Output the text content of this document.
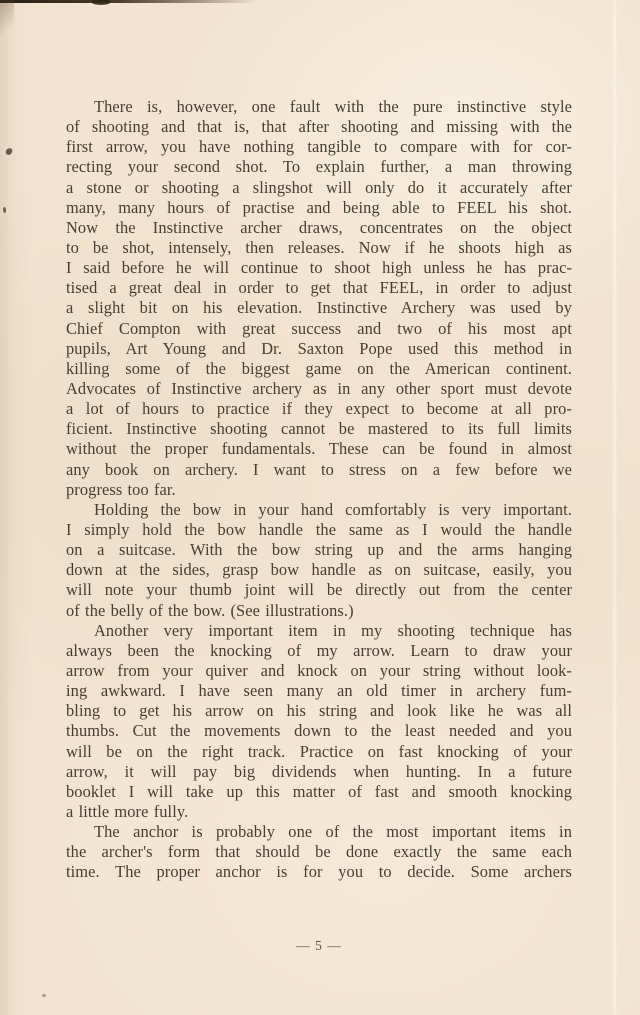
There is, however, one fault with the pure instinctive style
of shooting and that is, that after shooting and missing with the
first arrow, you have nothing tangible to compare with for cor-
recting your second shot. To explain further, a man throwing
a stone or shooting a slingshot will only do it accurately after
many, many hours of practise and being able to FEEL his shot.
Now the Instinctive archer draws, concentrates on the object
to be shot, intensely, then releases. Now if he shoots high as
I said before he will continue to shoot high unless he has prac-
tised a great deal in order to get that FEEL, in order to adjust
a slight bit on his elevation. Instinctive Archery was used by
Chief Compton with great success and two of his most apt
pupils, Art Young and Dr. Saxton Pope used this method in
killing some of the biggest game on the American continent.
Advocates of Instinctive archery as in any other sport must devote
a lot of hours to practice if they expect to become at all pro-
ficient. Instinctive shooting cannot be mastered to its full limits
without the proper fundamentals. These can be found in almost
any book on archery. I want to stress on a few before we
progress too far.
Holding the bow in your hand comfortably is very important.
I simply hold the bow handle the same as I would the handle
on a suitcase. With the bow string up and the arms hanging
down at the sides, grasp bow handle as on suitcase, easily, you
will note your thumb joint will be directly out from the center
of the belly of the bow. (See illustrations.)
Another very important item in my shooting technique has
always been the knocking of my arrow. Learn to draw your
arrow from your quiver and knock on your string without look-
ing awkward. I have seen many an old timer in archery fum-
bling to get his arrow on his string and look like he was all
thumbs. Cut the movements down to the least needed and you
will be on the right track. Practice on fast knocking of your
arrow, it will pay big dividends when hunting. In a future
booklet I will take up this matter of fast and smooth knocking
a little more fully.
The anchor is probably one of the most important items in
the archer's form that should be done exactly the same each
time. The proper anchor is for you to decide. Some archers
— 5 —
